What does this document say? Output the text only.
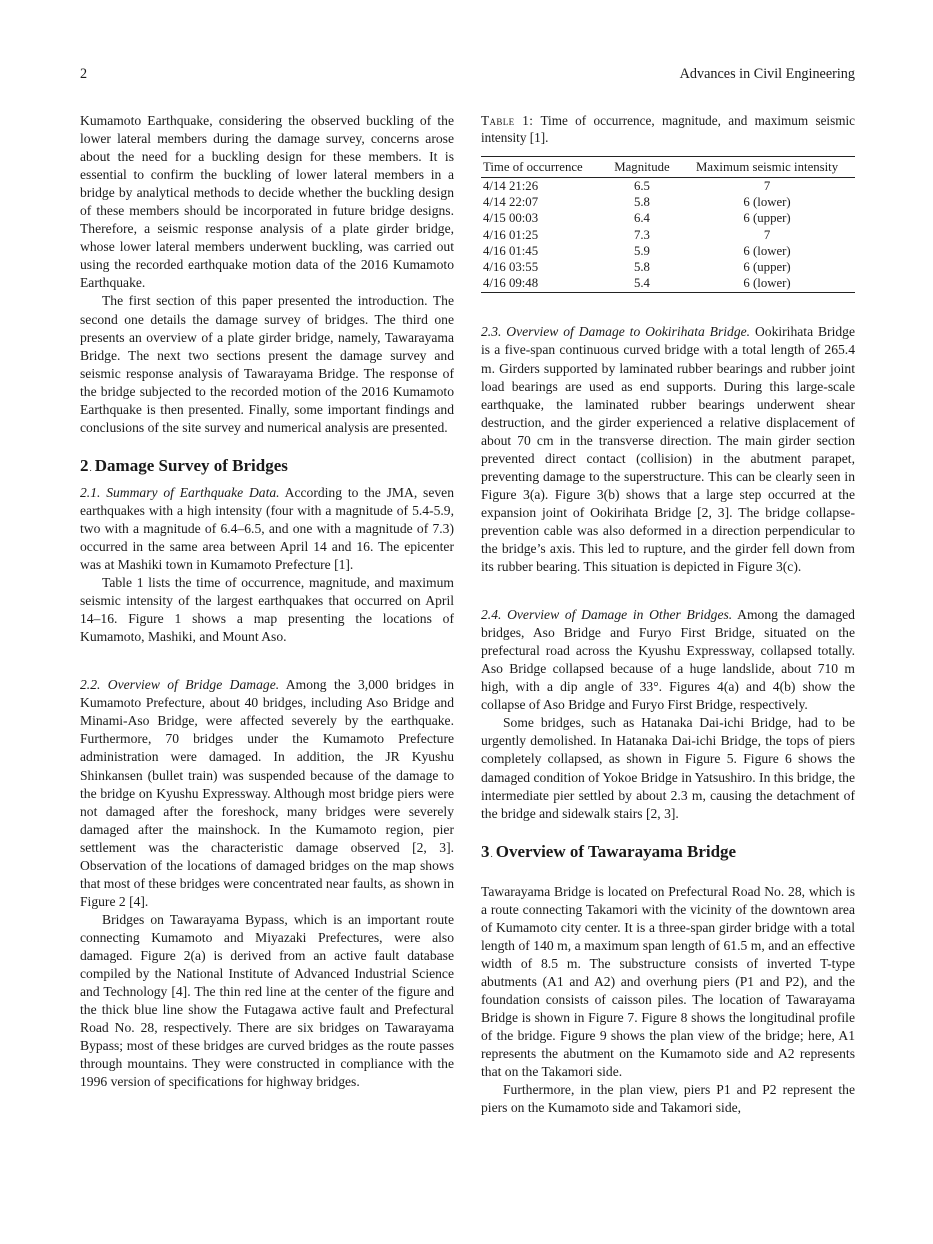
2	Advances in Civil Engineering

Kumamoto Earthquake, considering the observed buckling of the lower lateral members during the damage survey, concerns arose about the need for a buckling design for these members. It is essential to confirm the buckling of lower lateral members in a bridge by analytical methods to decide whether the buckling design of these members should be incorporated in future bridge designs. Therefore, a seismic response analysis of a plate girder bridge, whose lower lateral members underwent buckling, was carried out using the recorded earthquake motion data of the 2016 Kumamoto Earthquake.

The first section of this paper presented the introduction. The second one details the damage survey of bridges. The third one presents an overview of a plate girder bridge, namely, Tawarayama Bridge. The next two sections present the damage survey and seismic response analysis of Tawarayama Bridge. The response of the bridge subjected to the recorded motion of the 2016 Kumamoto Earthquake is then presented. Finally, some important findings and conclusions of the site survey and numerical analysis are presented.

2. Damage Survey of Bridges

2.1. Summary of Earthquake Data. According to the JMA, seven earthquakes with a high intensity (four with a magnitude of 5.4-5.9, two with a magnitude of 6.4–6.5, and one with a magnitude of 7.3) occurred in the same area between April 14 and 16. The epicenter was at Mashiki town in Kumamoto Prefecture [1].

Table 1 lists the time of occurrence, magnitude, and maximum seismic intensity of the largest earthquakes that occurred on April 14–16. Figure 1 shows a map presenting the locations of Kumamoto, Mashiki, and Mount Aso.

2.2. Overview of Bridge Damage. Among the 3,000 bridges in Kumamoto Prefecture, about 40 bridges, including Aso Bridge and Minami-Aso Bridge, were affected severely by the earthquake. Furthermore, 70 bridges under the Kumamoto Prefecture administration were damaged. In addition, the JR Kyushu Shinkansen (bullet train) was suspended because of the damage to the bridge on Kyushu Expressway. Although most bridge piers were not damaged after the foreshock, many bridges were severely damaged after the mainshock. In the Kumamoto region, pier settlement was the characteristic damage observed [2, 3]. Observation of the locations of damaged bridges on the map shows that most of these bridges were concentrated near faults, as shown in Figure 2 [4].

Bridges on Tawarayama Bypass, which is an important route connecting Kumamoto and Miyazaki Prefectures, were also damaged. Figure 2(a) is derived from an active fault database compiled by the National Institute of Advanced Industrial Science and Technology [4]. The thin red line at the center of the figure and the thick blue line show the Futagawa active fault and Prefectural Road No. 28, respectively. There are six bridges on Tawarayama Bypass; most of these bridges are curved bridges as the route passes through mountains. They were constructed in compliance with the 1996 version of specifications for highway bridges.

Table 1: Time of occurrence, magnitude, and maximum seismic intensity [1].

Time of occurrence	Magnitude	Maximum seismic intensity
4/14 21:26	6.5	7
4/14 22:07	5.8	6 (lower)
4/15 00:03	6.4	6 (upper)
4/16 01:25	7.3	7
4/16 01:45	5.9	6 (lower)
4/16 03:55	5.8	6 (upper)
4/16 09:48	5.4	6 (lower)

2.3. Overview of Damage to Ookirihata Bridge. Ookirihata Bridge is a five-span continuous curved bridge with a total length of 265.4 m. Girders supported by laminated rubber bearings and rubber joint load bearings are used as end supports. During this large-scale earthquake, the laminated rubber bearings underwent shear destruction, and the girder experienced a relative displacement of about 70 cm in the transverse direction. The main girder section prevented direct contact (collision) in the abutment parapet, preventing damage to the superstructure. This can be clearly seen in Figure 3(a). Figure 3(b) shows that a large step occurred at the expansion joint of Ookirihata Bridge [2, 3]. The bridge collapse-prevention cable was also deformed in a direction perpendicular to the bridge’s axis. This led to rupture, and the girder fell down from its rubber bearing. This situation is depicted in Figure 3(c).

2.4. Overview of Damage in Other Bridges. Among the damaged bridges, Aso Bridge and Furyo First Bridge, situated on the prefectural road across the Kyushu Expressway, collapsed totally. Aso Bridge collapsed because of a huge landslide, about 710 m high, with a dip angle of 33°. Figures 4(a) and 4(b) show the collapse of Aso Bridge and Furyo First Bridge, respectively.

Some bridges, such as Hatanaka Dai-ichi Bridge, had to be urgently demolished. In Hatanaka Dai-ichi Bridge, the tops of piers completely collapsed, as shown in Figure 5. Figure 6 shows the damaged condition of Yokoe Bridge in Yatsushiro. In this bridge, the intermediate pier settled by about 2.3 m, causing the detachment of the bridge and sidewalk stairs [2, 3].

3. Overview of Tawarayama Bridge

Tawarayama Bridge is located on Prefectural Road No. 28, which is a route connecting Takamori with the vicinity of the downtown area of Kumamoto city center. It is a three-span girder bridge with a total length of 140 m, a maximum span length of 61.5 m, and an effective width of 8.5 m. The substructure consists of inverted T-type abutments (A1 and A2) and overhung piers (P1 and P2), and the foundation consists of caisson piles. The location of Tawarayama Bridge is shown in Figure 7. Figure 8 shows the longitudinal profile of the bridge. Figure 9 shows the plan view of the bridge; here, A1 represents the abutment on the Kumamoto side and A2 represents that on the Takamori side.

Furthermore, in the plan view, piers P1 and P2 represent the piers on the Kumamoto side and Takamori side,
